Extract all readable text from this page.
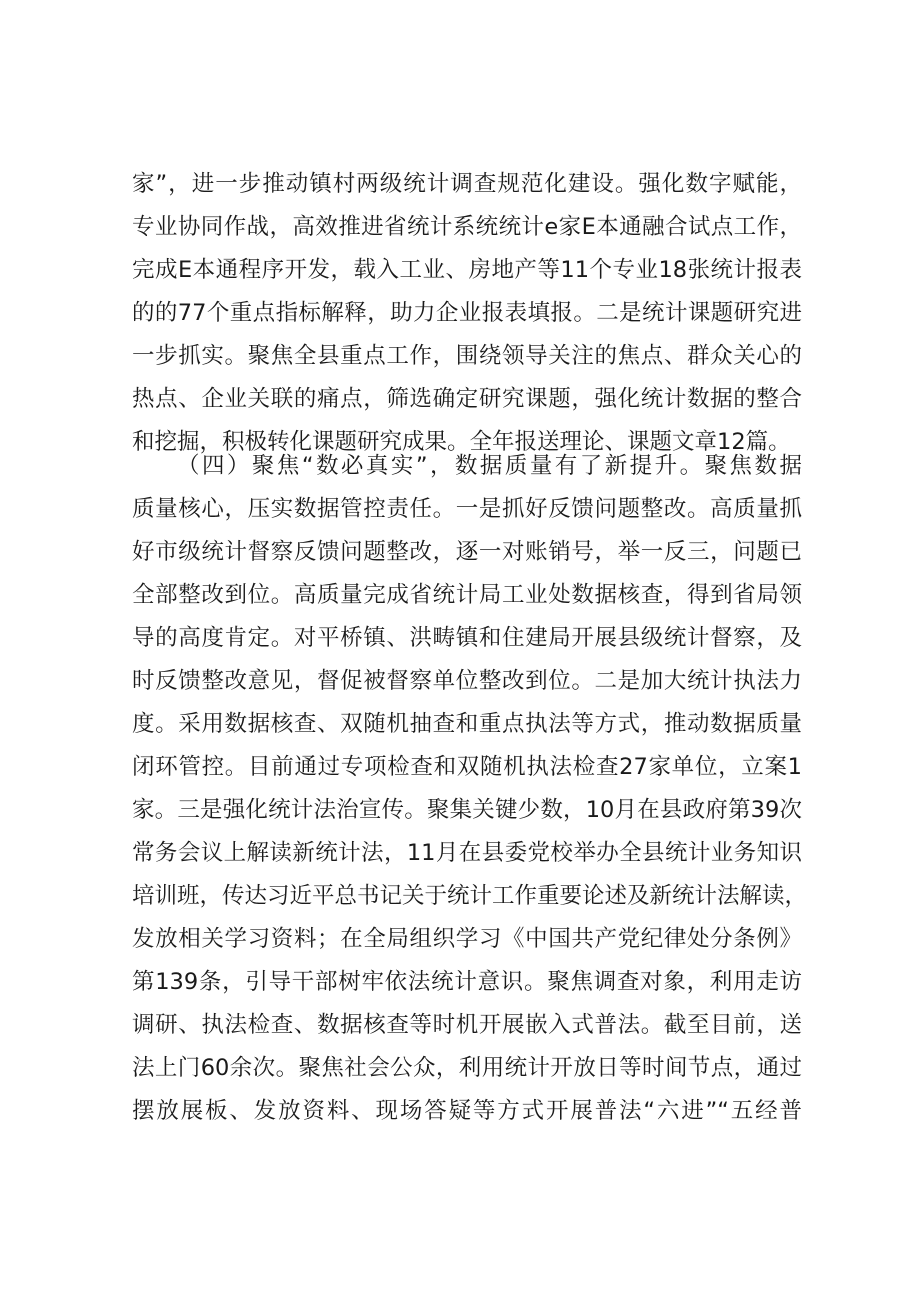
家”，进一步推动镇村两级统计调查规范化建设。强化数字赋能，
专业协同作战，高效推进省统计系统统计e家E本通融合试点工作，
完成E本通程序开发，载入工业、房地产等11个专业18张统计报表
的的77个重点指标解释，助力企业报表填报。二是统计课题研究进
一步抓实。聚焦全县重点工作，围绕领导关注的焦点、群众关心的
热点、企业关联的痛点，筛选确定研究课题，强化统计数据的整合
和挖掘，积极转化课题研究成果。全年报送理论、课题文章12篇。
（四）聚焦“数必真实”，数据质量有了新提升。聚焦数据
质量核心，压实数据管控责任。一是抓好反馈问题整改。高质量抓
好市级统计督察反馈问题整改，逐一对账销号，举一反三，问题已
全部整改到位。高质量完成省统计局工业处数据核查，得到省局领
导的高度肯定。对平桥镇、洪畴镇和住建局开展县级统计督察，及
时反馈整改意见，督促被督察单位整改到位。二是加大统计执法力
度。采用数据核查、双随机抽查和重点执法等方式，推动数据质量
闭环管控。目前通过专项检查和双随机执法检查27家单位，立案1
家。三是强化统计法治宣传。聚集关键少数，10月在县政府第39次
常务会议上解读新统计法，11月在县委党校举办全县统计业务知识
培训班，传达习近平总书记关于统计工作重要论述及新统计法解读，
发放相关学习资料；在全局组织学习《中国共产党纪律处分条例》
第139条，引导干部树牢依法统计意识。聚焦调查对象，利用走访
调研、执法检查、数据核查等时机开展嵌入式普法。截至目前，送
法上门60余次。聚焦社会公众，利用统计开放日等时间节点，通过
摆放展板、发放资料、现场答疑等方式开展普法“六进”“五经普
